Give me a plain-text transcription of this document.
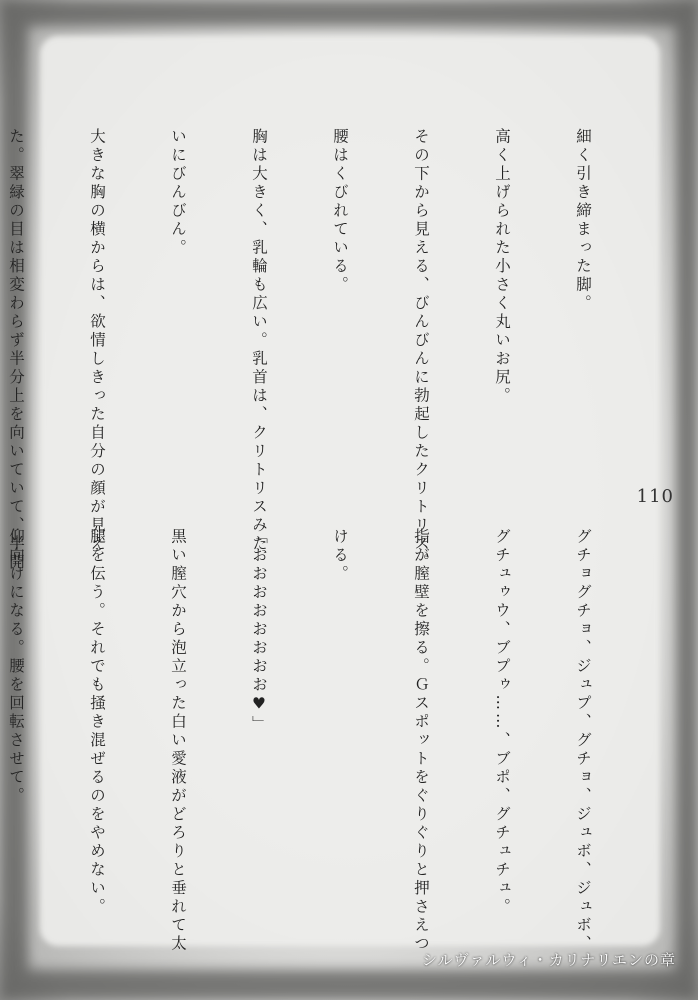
細く引き締まった脚。

高く上げられた小さく丸いお尻。

その下から見える、びんびんに勃起したクリトリス。

腰はくびれている。

胸は大きく、乳輪も広い。乳首は、クリトリスみた

いにびんびん。

大きな胸の横からは、欲情しきった自分の顔が見え

た。翠緑の目は相変わらず半分上を向いていて、半開

	110

グチョグチョ、ジュプ、グチョ、ジュボ、ジュボ、

グチュゥウ、ブプゥ……、ブポ、グチュチュ。

指が膣壁を擦る。Ｇスポットをぐりぐりと押さえつ

ける。

「おおおおおおおお♥」

黒い膣穴から泡立った白い愛液がどろりと垂れて太

腿を伝う。それでも掻き混ぜるのをやめない。

仰向けになる。腰を回転させて。

シルヴァルウィ・カリナリエンの章
